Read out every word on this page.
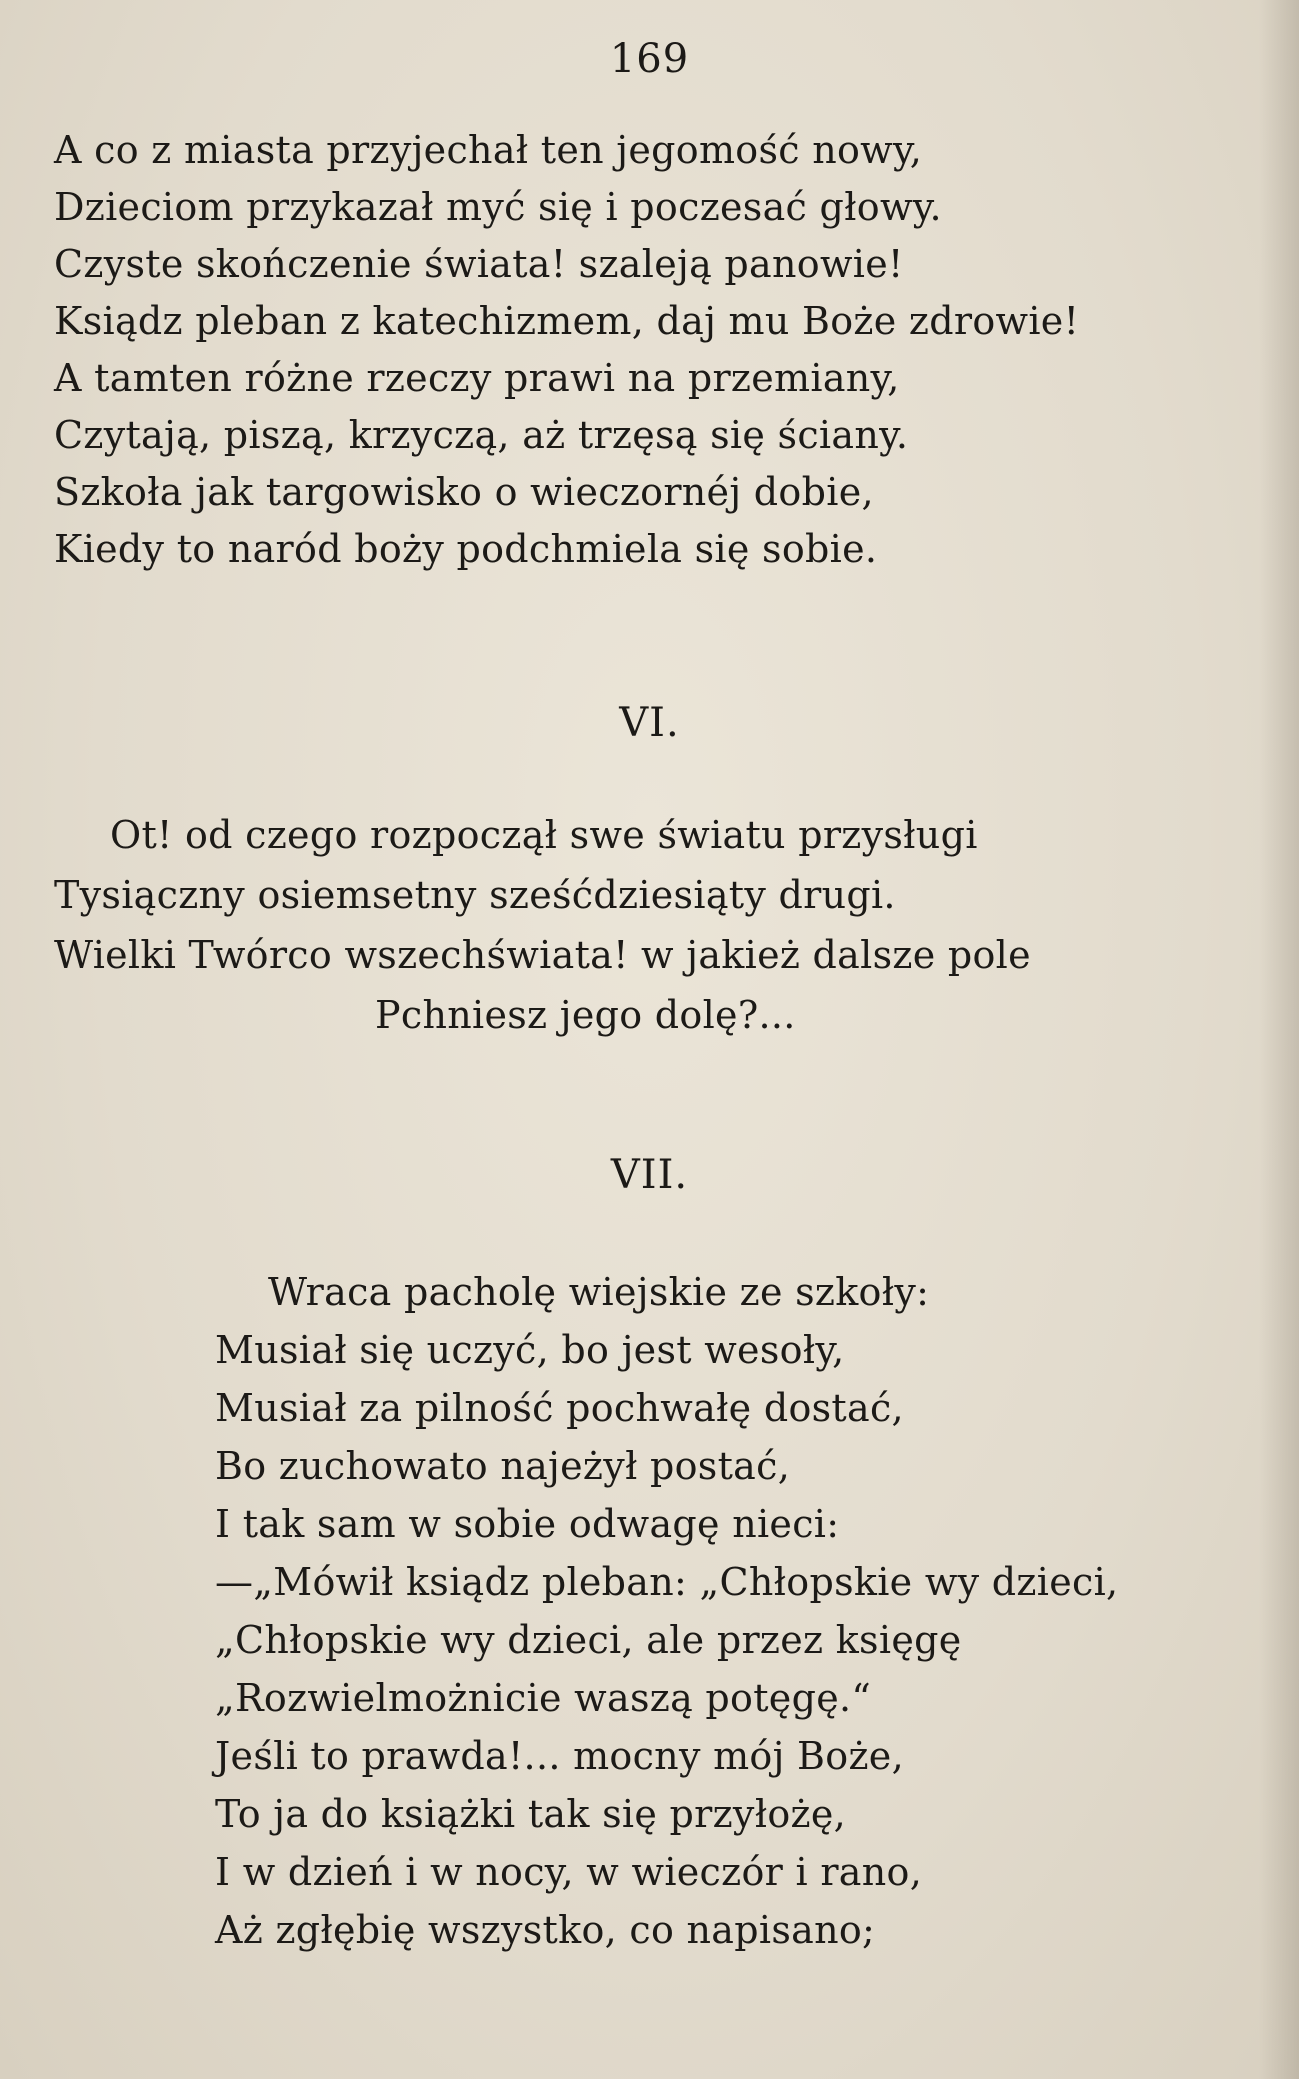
169
A co z miasta przyjechał ten jegomość nowy,
Dzieciom przykazał myć się i poczesać głowy.
Czyste skończenie świata! szaleją panowie!
Ksiądz pleban z katechizmem, daj mu Boże zdrowie!
A tamten różne rzeczy prawi na przemiany,
Czytają, piszą, krzyczą, aż trzęsą się ściany.
Szkoła jak targowisko o wieczornéj dobie,
Kiedy to naród boży podchmiela się sobie.
VI.
Ot! od czego rozpoczął swe światu przysługi
Tysiączny osiemsetny sześćdziesiąty drugi.
Wielki Twórco wszechświata! w jakież dalsze pole
Pchniesz jego dolę?...
VII.
Wraca pacholę wiejskie ze szkoły:
Musiał się uczyć, bo jest wesoły,
Musiał za pilność pochwałę dostać,
Bo zuchowato najeżył postać,
I tak sam w sobie odwagę nieci:
—„Mówił ksiądz pleban: „Chłopskie wy dzieci,
„Chłopskie wy dzieci, ale przez księgę
„Rozwielmożnicie waszą potęgę.“
Jeśli to prawda!... mocny mój Boże,
To ja do książki tak się przyłożę,
I w dzień i w nocy, w wieczór i rano,
Aż zgłębię wszystko, co napisano;
